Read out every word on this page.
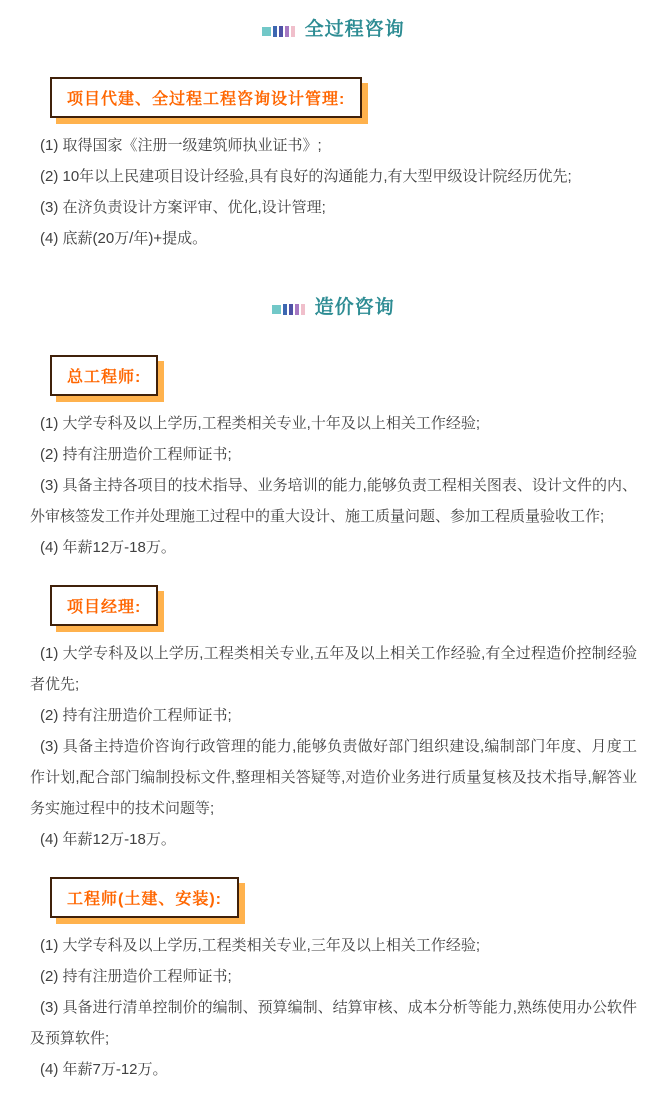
全过程咨询
项目代建、全过程工程咨询设计管理:

(1) 取得国家《注册一级建筑师执业证书》;

(2) 10年以上民建项目设计经验,具有良好的沟通能力,有大型甲级设计院经历优先;

(3) 在济负责设计方案评审、优化,设计管理;

(4) 底薪(20万/年)+提成。

造价咨询
总工程师:

(1) 大学专科及以上学历,工程类相关专业,十年及以上相关工作经验;

(2) 持有注册造价工程师证书;

(3) 具备主持各项目的技术指导、业务培训的能力,能够负责工程相关图表、设计文件的内、外审核签发工作并处理施工过程中的重大设计、施工质量问题、参加工程质量验收工作;

(4) 年薪12万-18万。

项目经理:

(1) 大学专科及以上学历,工程类相关专业,五年及以上相关工作经验,有全过程造价控制经验者优先;

(2) 持有注册造价工程师证书;

(3) 具备主持造价咨询行政管理的能力,能够负责做好部门组织建设,编制部门年度、月度工作计划,配合部门编制投标文件,整理相关答疑等,对造价业务进行质量复核及技术指导,解答业务实施过程中的技术问题等;

(4) 年薪12万-18万。

工程师(土建、安装):

(1) 大学专科及以上学历,工程类相关专业,三年及以上相关工作经验;

(2) 持有注册造价工程师证书;

(3) 具备进行清单控制价的编制、预算编制、结算审核、成本分析等能力,熟练使用办公软件及预算软件;

(4) 年薪7万-12万。
